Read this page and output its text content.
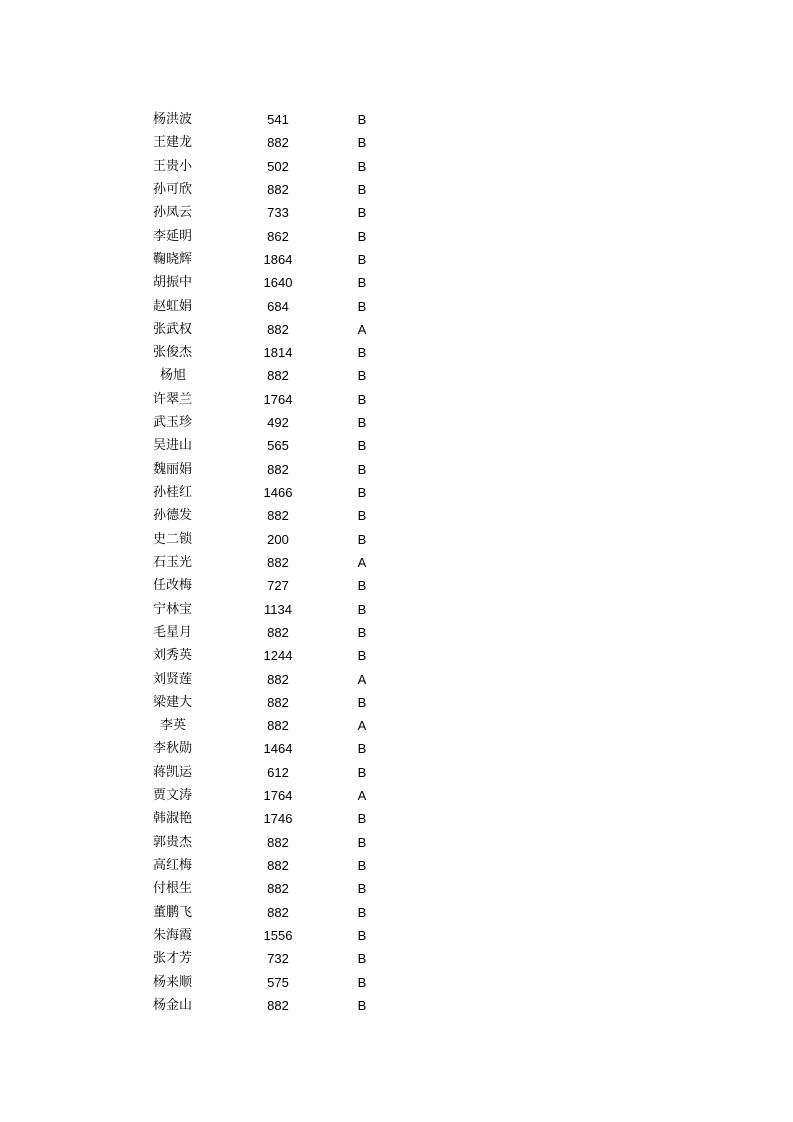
杨洪波	541	B
王建龙	882	B
王贵小	502	B
孙可欣	882	B
孙凤云	733	B
李延明	862	B
鞠晓辉	1864	B
胡振中	1640	B
赵虹娟	684	B
张武权	882	A
张俊杰	1814	B
杨旭	882	B
许翠兰	1764	B
武玉珍	492	B
吴进山	565	B
魏丽娟	882	B
孙桂红	1466	B
孙德发	882	B
史二锁	200	B
石玉光	882	A
任改梅	727	B
宁林宝	1134	B
毛星月	882	B
刘秀英	1244	B
刘贤莲	882	A
梁建大	882	B
李英	882	A
李秋勋	1464	B
蒋凯运	612	B
贾文涛	1764	A
韩淑艳	1746	B
郭贵杰	882	B
高红梅	882	B
付根生	882	B
董鹏飞	882	B
朱海霞	1556	B
张才芳	732	B
杨来顺	575	B
杨金山	882	B
